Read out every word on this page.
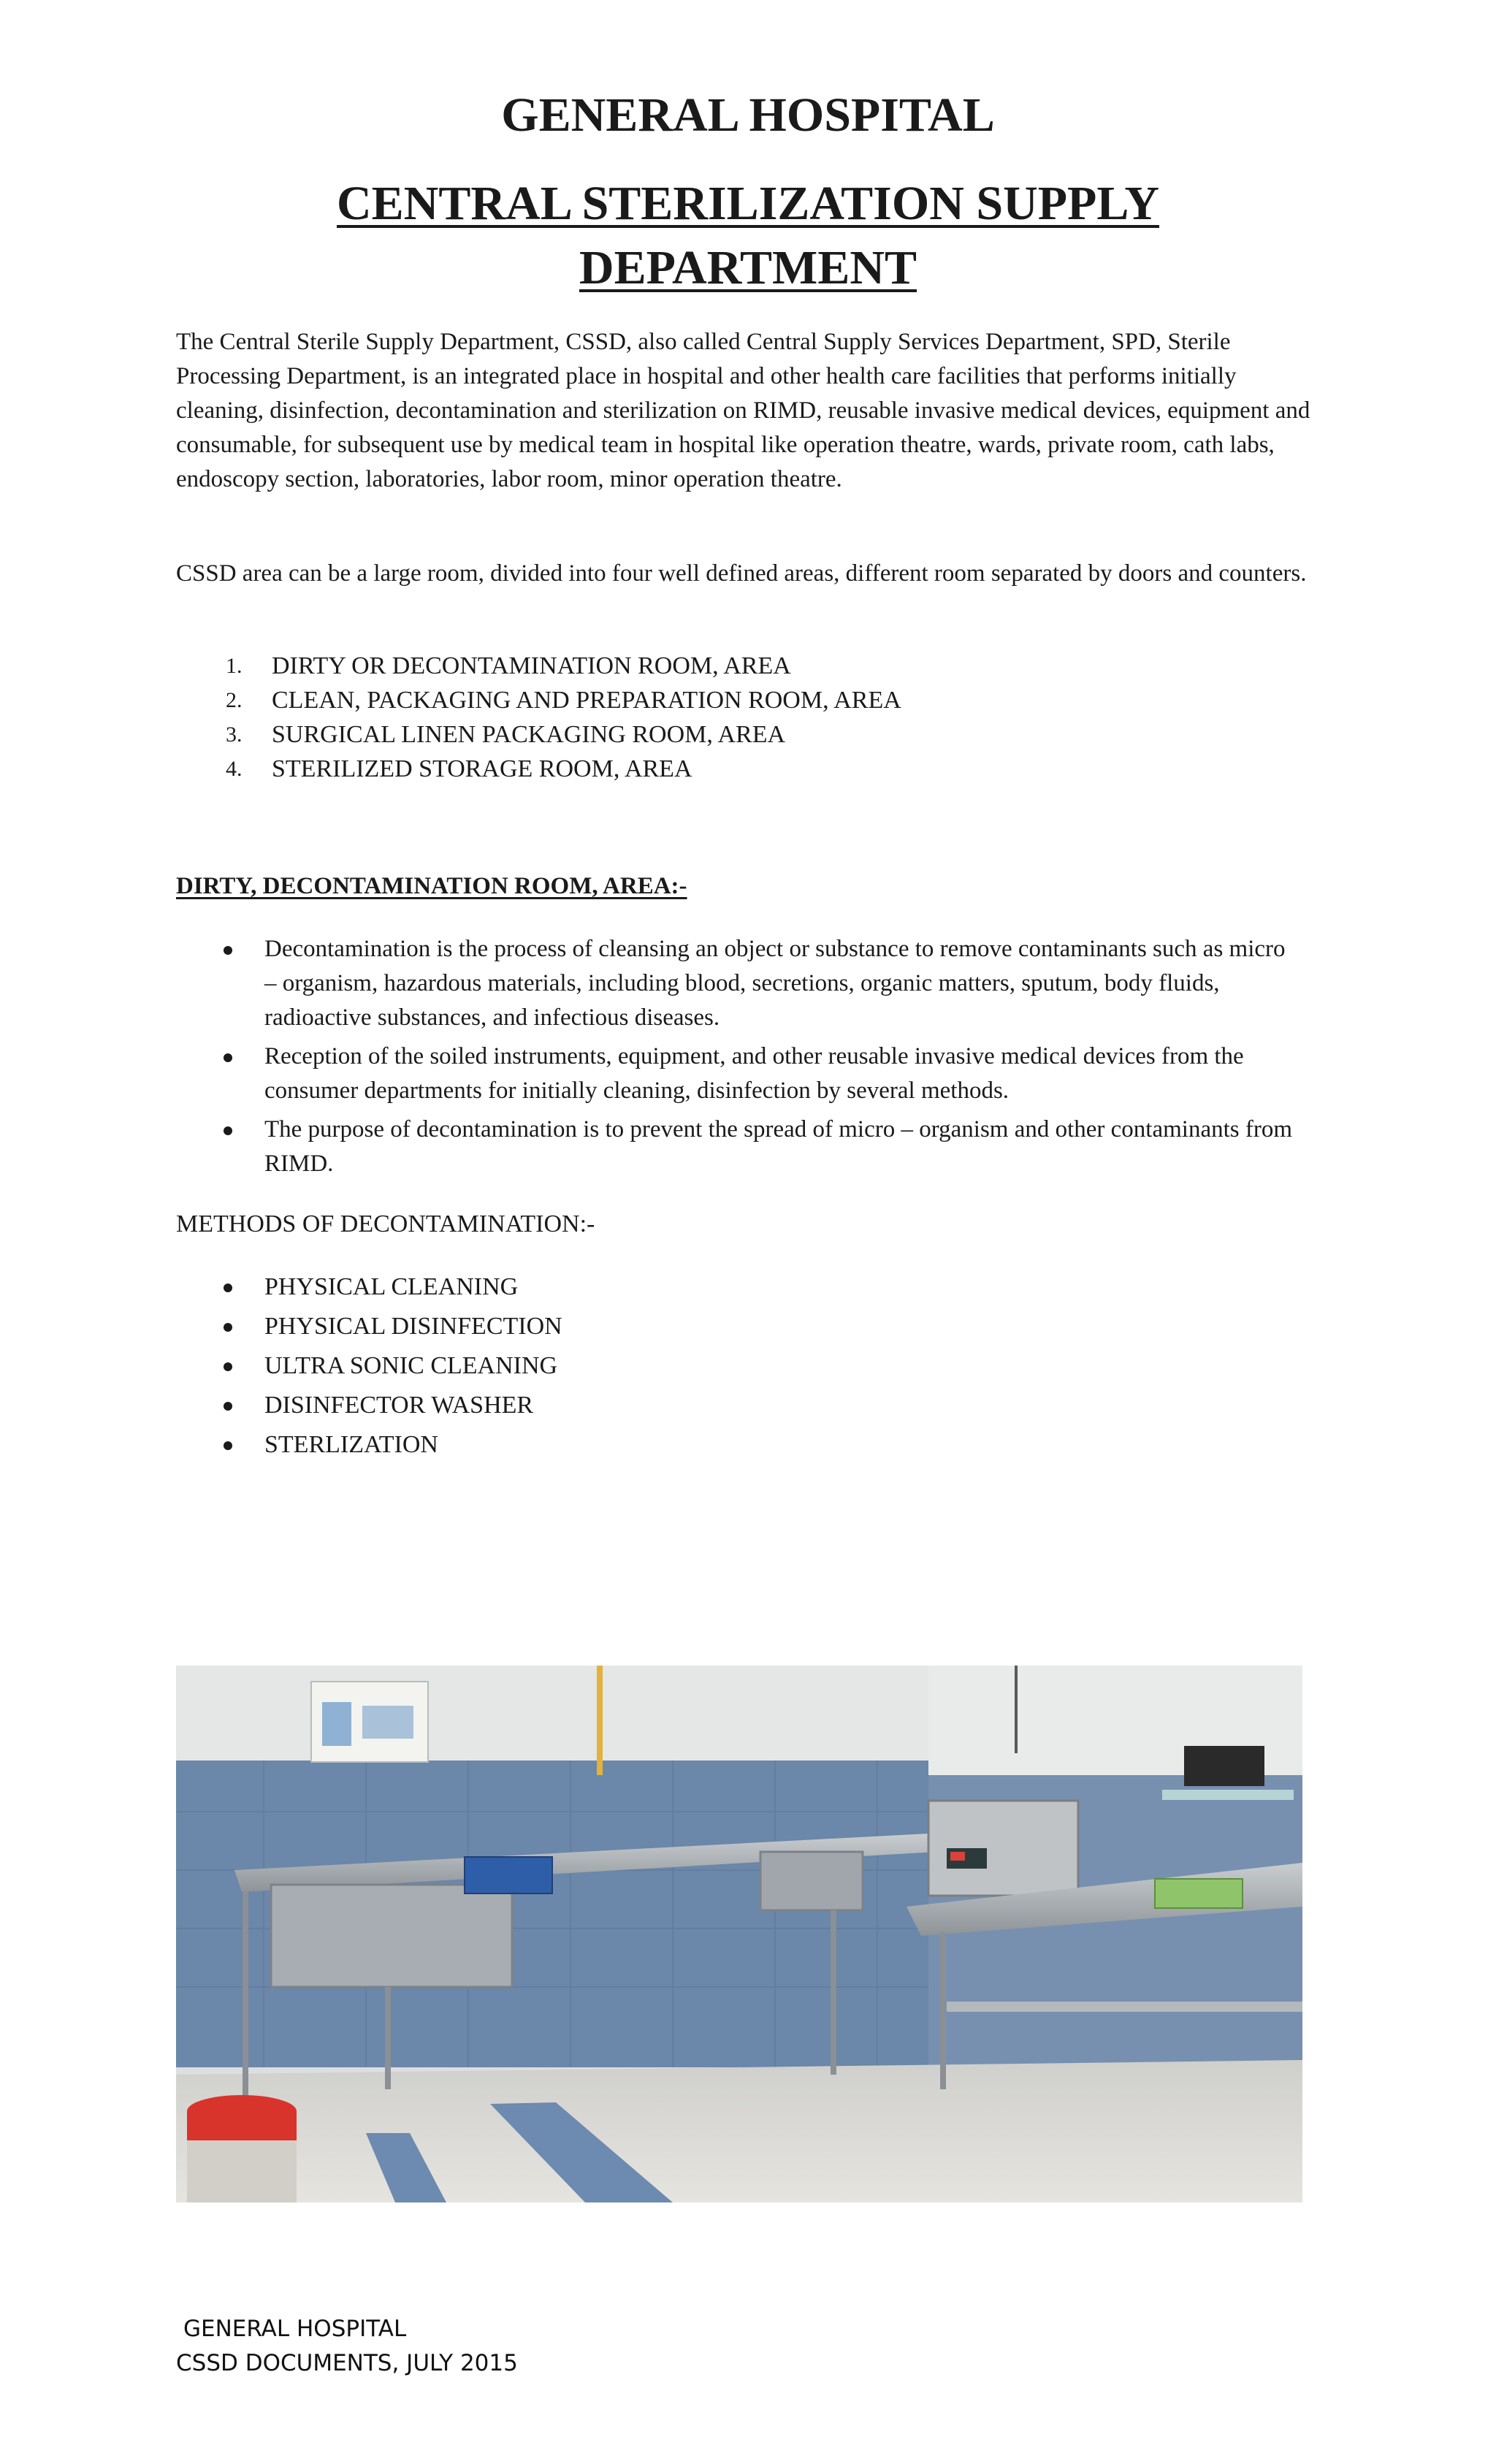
GENERAL HOSPITAL
CENTRAL STERILIZATION SUPPLY DEPARTMENT

The Central Sterile Supply Department, CSSD, also called Central Supply Services Department, SPD, Sterile Processing Department, is an integrated place in hospital and other health care facilities that performs initially cleaning, disinfection, decontamination and sterilization on RIMD, reusable invasive medical devices, equipment and consumable, for subsequent use by medical team in hospital like operation theatre, wards, private room, cath labs, endoscopy section, laboratories, labor room, minor operation theatre.

CSSD area can be a large room, divided into four well defined areas, different room separated by doors and counters.

1. DIRTY OR DECONTAMINATION ROOM, AREA
2. CLEAN, PACKAGING AND PREPARATION ROOM, AREA
3. SURGICAL LINEN PACKAGING ROOM, AREA
4. STERILIZED STORAGE ROOM, AREA
DIRTY, DECONTAMINATION ROOM, AREA:-
Decontamination is the process of cleansing an object or substance to remove contaminants such as micro – organism, hazardous materials, including blood, secretions, organic matters, sputum, body fluids, radioactive substances, and infectious diseases.
Reception of the soiled instruments, equipment, and other reusable invasive medical devices from the consumer departments for initially cleaning, disinfection by several methods.
The purpose of decontamination is to prevent the spread of micro – organism and other contaminants from RIMD.
METHODS OF DECONTAMINATION:-
PHYSICAL CLEANING
PHYSICAL DISINFECTION
ULTRA SONIC CLEANING
DISINFECTOR WASHER
STERLIZATION
GENERAL HOSPITAL
CSSD DOCUMENTS, JULY 2015
